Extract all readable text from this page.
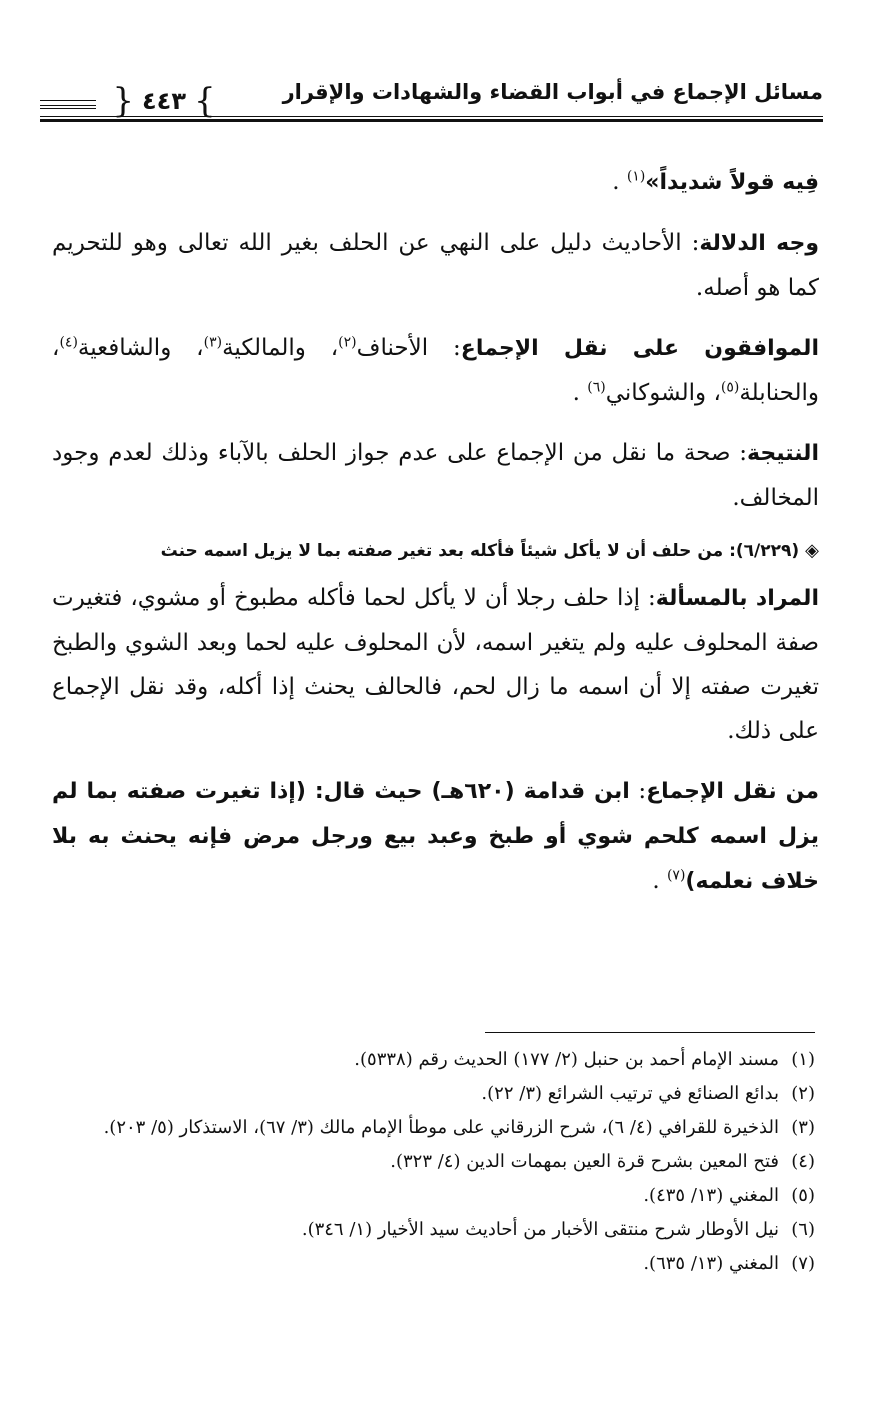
مسائل الإجماع في أبواب القضاء والشهادات والإقرار
}
٤٤٣
{

فِيه قولاً شديداً»$^{(١)}$ .

وجه الدلالة: الأحاديث دليل على النهي عن الحلف بغير الله تعالى وهو للتحريم كما هو أصله.

الموافقون على نقل الإجماع: الأحناف$^{(٢)}$، والمالكية$^{(٣)}$، والشافعية$^{(٤)}$، والحنابلة$^{(٥)}$، والشوكاني$^{(٦)}$ .

النتيجة: صحة ما نقل من الإجماع على عدم جواز الحلف بالآباء وذلك لعدم وجود المخالف.

◈(٦/٢٢٩): من حلف أن لا يأكل شيئاً فأكله بعد تغير صفته بما لا يزيل اسمه حنث

المراد بالمسألة: إذا حلف رجلا أن لا يأكل لحما فأكله مطبوخ أو مشوي، فتغيرت صفة المحلوف عليه ولم يتغير اسمه، لأن المحلوف عليه لحما وبعد الشوي والطبخ تغيرت صفته إلا أن اسمه ما زال لحم، فالحالف يحنث إذا أكله، وقد نقل الإجماع على ذلك.

من نقل الإجماع: ابن قدامة (٦٢٠هـ) حيث قال: (إذا تغيرت صفته بما لم يزل اسمه كلحم شوي أو طبخ وعبد بيع ورجل مرض فإنه يحنث به بلا خلاف نعلمه)$^{(٧)}$ .

(١)
مسند الإمام أحمد بن حنبل (٢/ ١٧٧) الحديث رقم (٥٣٣٨).
(٢)
بدائع الصنائع في ترتيب الشرائع (٣/ ٢٢).
(٣)
الذخيرة للقرافي (٤/ ٦)، شرح الزرقاني على موطأ الإمام مالك (٣/ ٦٧)، الاستذكار (٥/ ٢٠٣).
(٤)
فتح المعين بشرح قرة العين بمهمات الدين (٤/ ٣٢٣).
(٥)
المغني (١٣/ ٤٣٥).
(٦)
نيل الأوطار شرح منتقى الأخبار من أحاديث سيد الأخيار (١/ ٣٤٦).
(٧)
المغني (١٣/ ٦٣٥).
